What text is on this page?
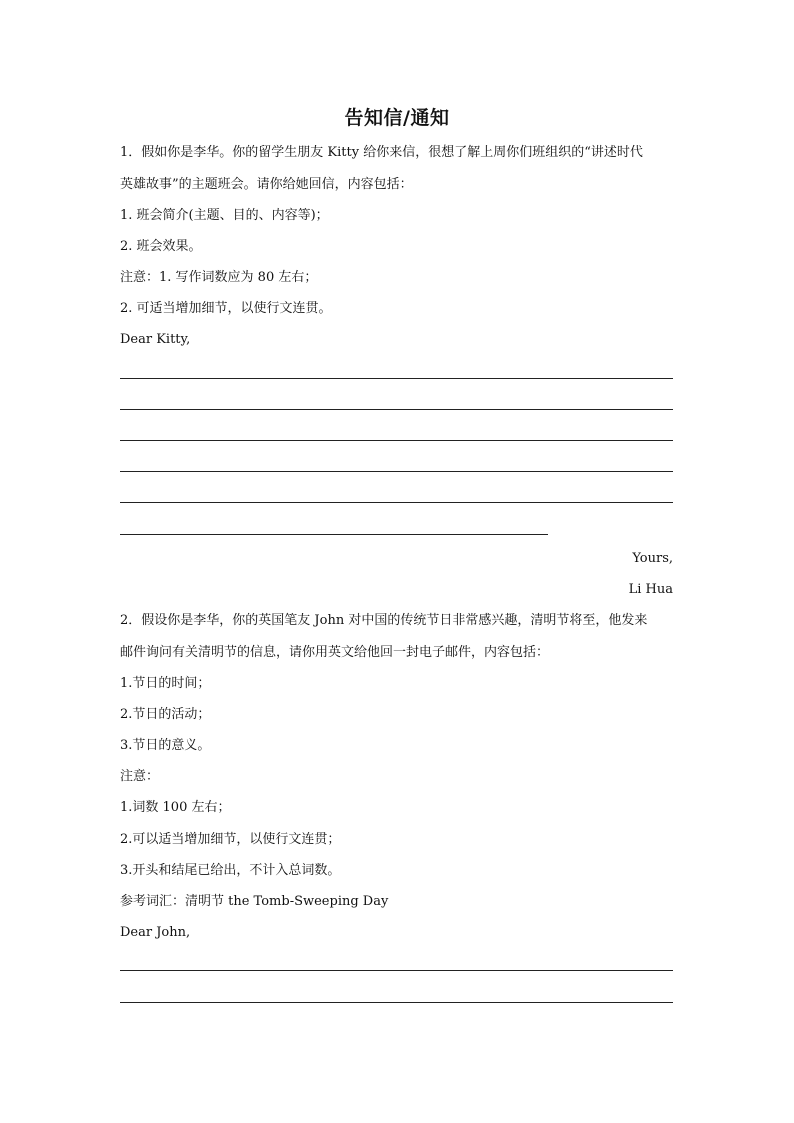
告知信/通知
1．假如你是李华。你的留学生朋友 Kitty 给你来信，很想了解上周你们班组织的“讲述时代
英雄故事”的主题班会。请你给她回信，内容包括：
1. 班会简介(主题、目的、内容等)；
2. 班会效果。
注意：1. 写作词数应为 80 左右；
2. 可适当增加细节，以使行文连贯。
Dear Kitty,
Yours,
Li Hua
2．假设你是李华，你的英国笔友 John 对中国的传统节日非常感兴趣，清明节将至，他发来
邮件询问有关清明节的信息，请你用英文给他回一封电子邮件，内容包括：
1.节日的时间；
2.节日的活动；
3.节日的意义。
注意：
1.词数 100 左右；
2.可以适当增加细节，以使行文连贯；
3.开头和结尾已给出，不计入总词数。
参考词汇：清明节 the Tomb-Sweeping Day
Dear John,
